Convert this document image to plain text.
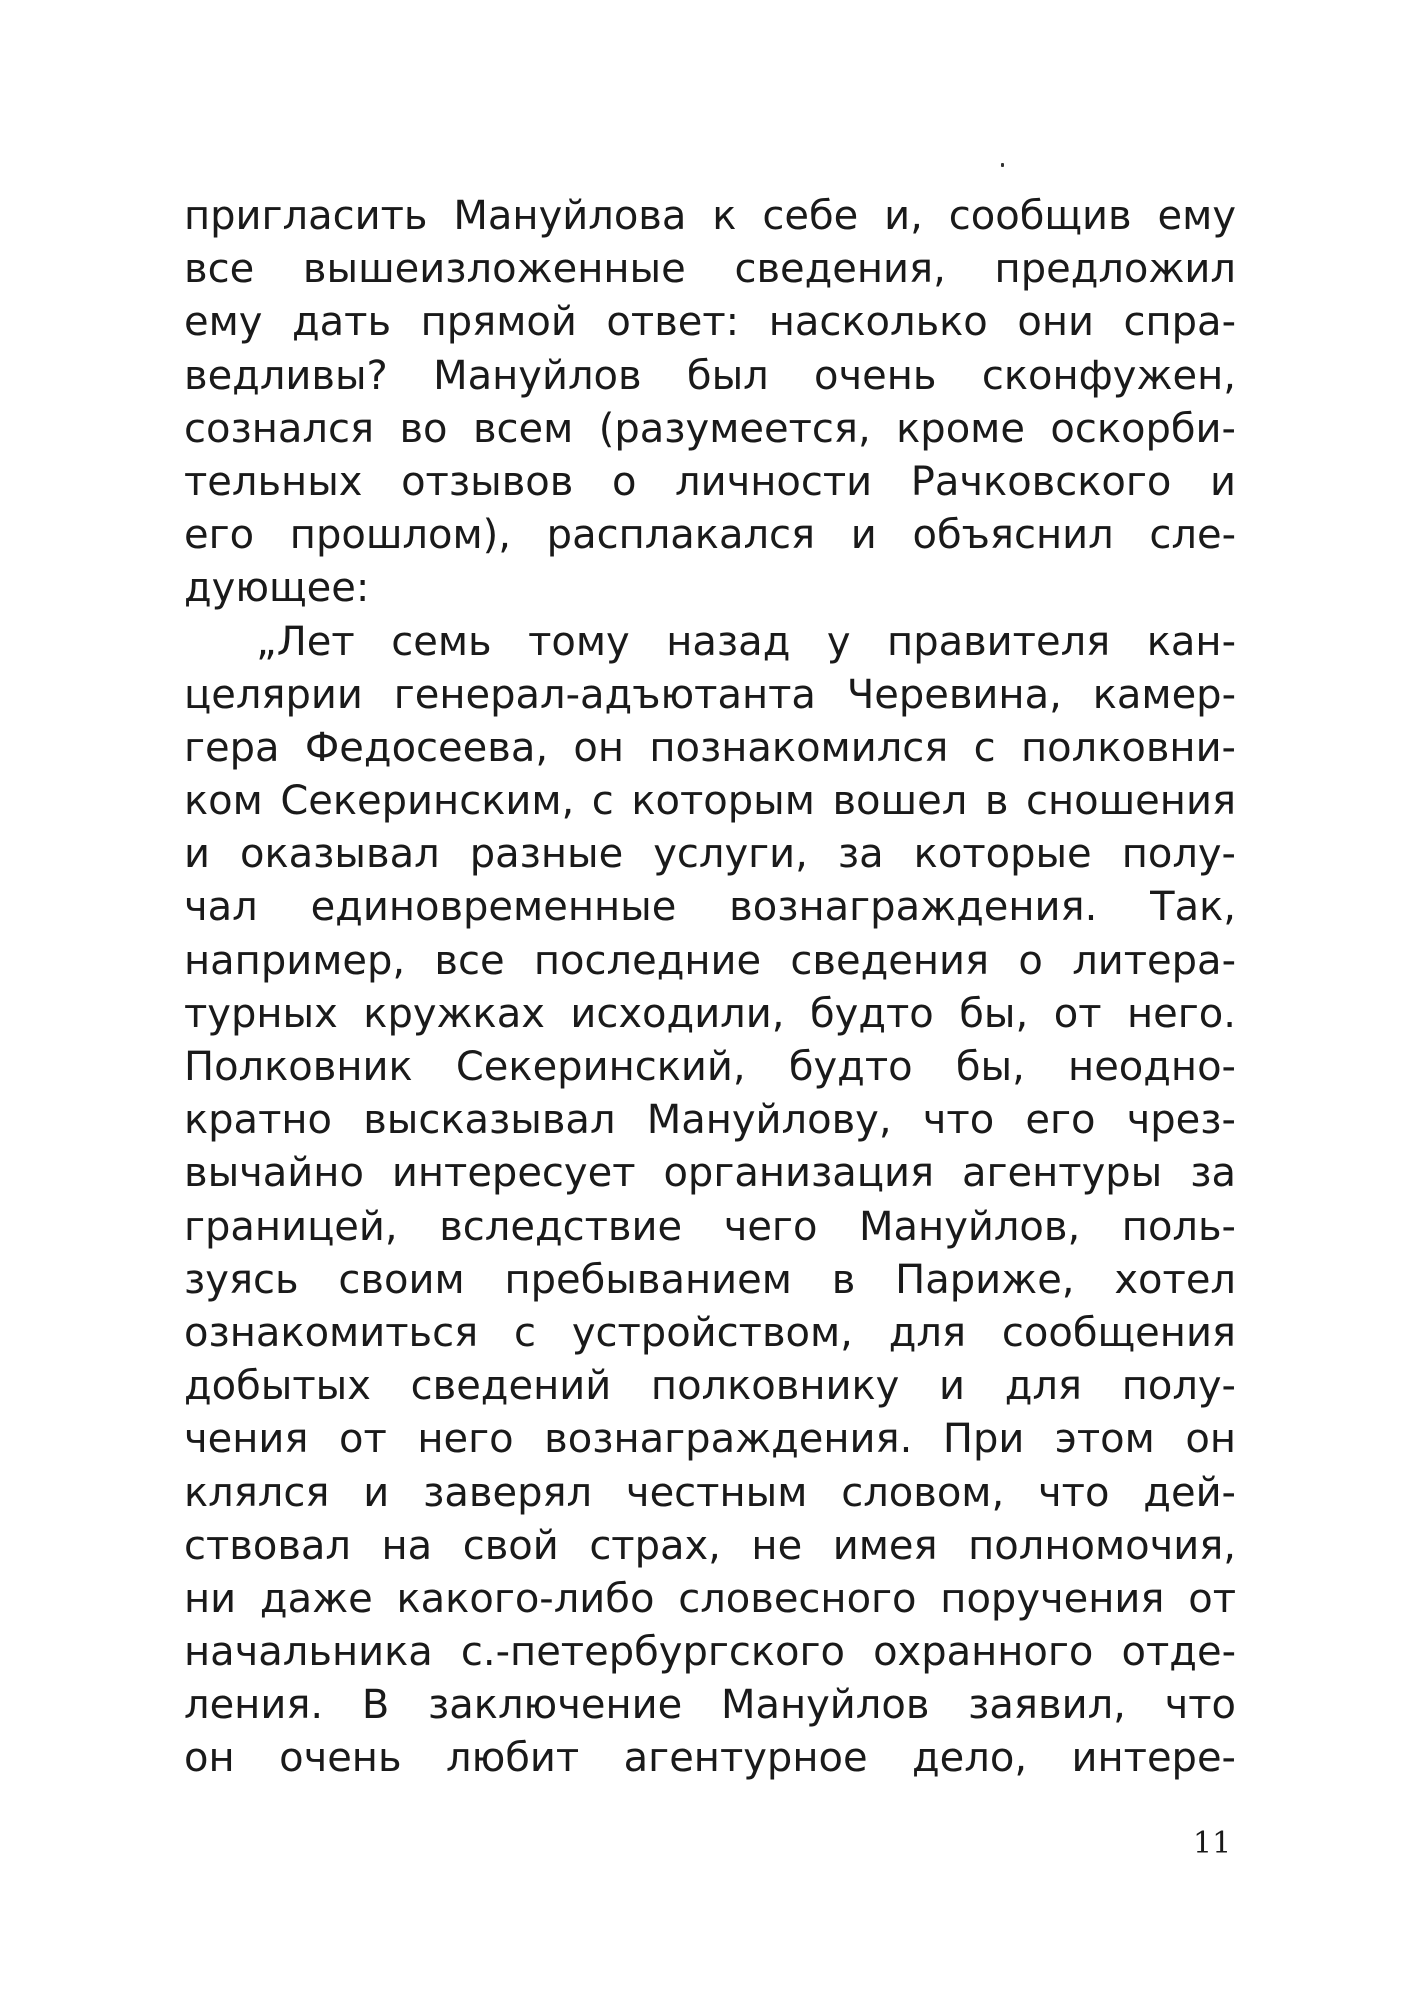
пригласить Мануйлова к себе и, сообщив ему
все вышеизложенные сведения, предложил
ему дать прямой ответ: насколько они спра-
ведливы? Мануйлов был очень сконфужен,
сознался во всем (разумеется, кроме оскорби-
тельных отзывов о личности Рачковского и
его прошлом), расплакался и объяснил сле-
дующее:
„Лет семь тому назад у правителя кан-
целярии генерал-адъютанта Черевина, камер-
гера Федосеева, он познакомился с полковни-
ком Секеринским, с которым вошел в сношения
и оказывал разные услуги, за которые полу-
чал единовременные вознаграждения. Так,
например, все последние сведения о литера-
турных кружках исходили, будто бы, от него.
Полковник Секеринский, будто бы, неодно-
кратно высказывал Мануйлову, что его чрез-
вычайно интересует организация агентуры за
границей, вследствие чего Мануйлов, поль-
зуясь своим пребыванием в Париже, хотел
ознакомиться с устройством, для сообщения
добытых сведений полковнику и для полу-
чения от него вознаграждения. При этом он
клялся и заверял честным словом, что дей-
ствовал на свой страх, не имея полномочия,
ни даже какого-либо словесного поручения от
начальника с.-петербургского охранного отде-
ления. В заключение Мануйлов заявил, что
он очень любит агентурное дело, интере-
11
